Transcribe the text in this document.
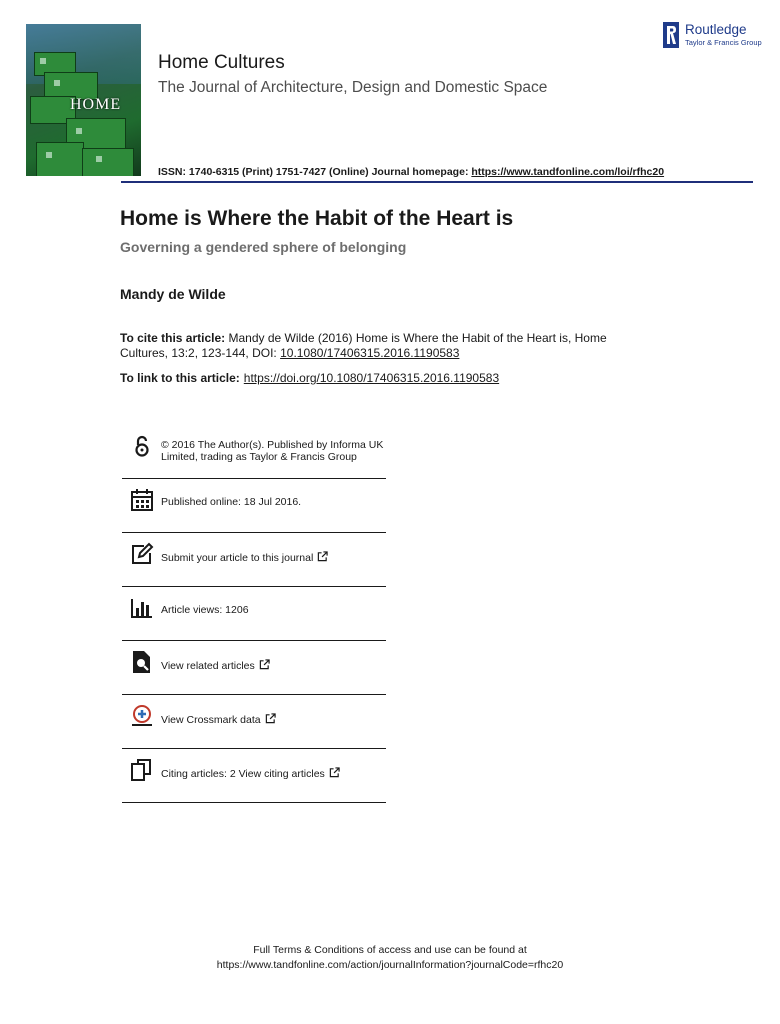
HOME
Home Cultures
The Journal of Architecture, Design and Domestic Space
Routledge
Taylor & Francis Group
ISSN: 1740-6315 (Print) 1751-7427 (Online) Journal homepage: https://www.tandfonline.com/loi/rfhc20
Home is Where the Habit of the Heart is
Governing a gendered sphere of belonging
Mandy de Wilde
To cite this article: Mandy de Wilde (2016) Home is Where the Habit of the Heart is, Home Cultures, 13:2, 123-144, DOI: 10.1080/17406315.2016.1190583
To link to this article: https://doi.org/10.1080/17406315.2016.1190583
© 2016 The Author(s). Published by Informa UK Limited, trading as Taylor & Francis Group
Published online: 18 Jul 2016.
Submit your article to this journal
Article views: 1206
View related articles
View Crossmark data
Citing articles: 2 View citing articles
Full Terms & Conditions of access and use can be found at
https://www.tandfonline.com/action/journalInformation?journalCode=rfhc20
